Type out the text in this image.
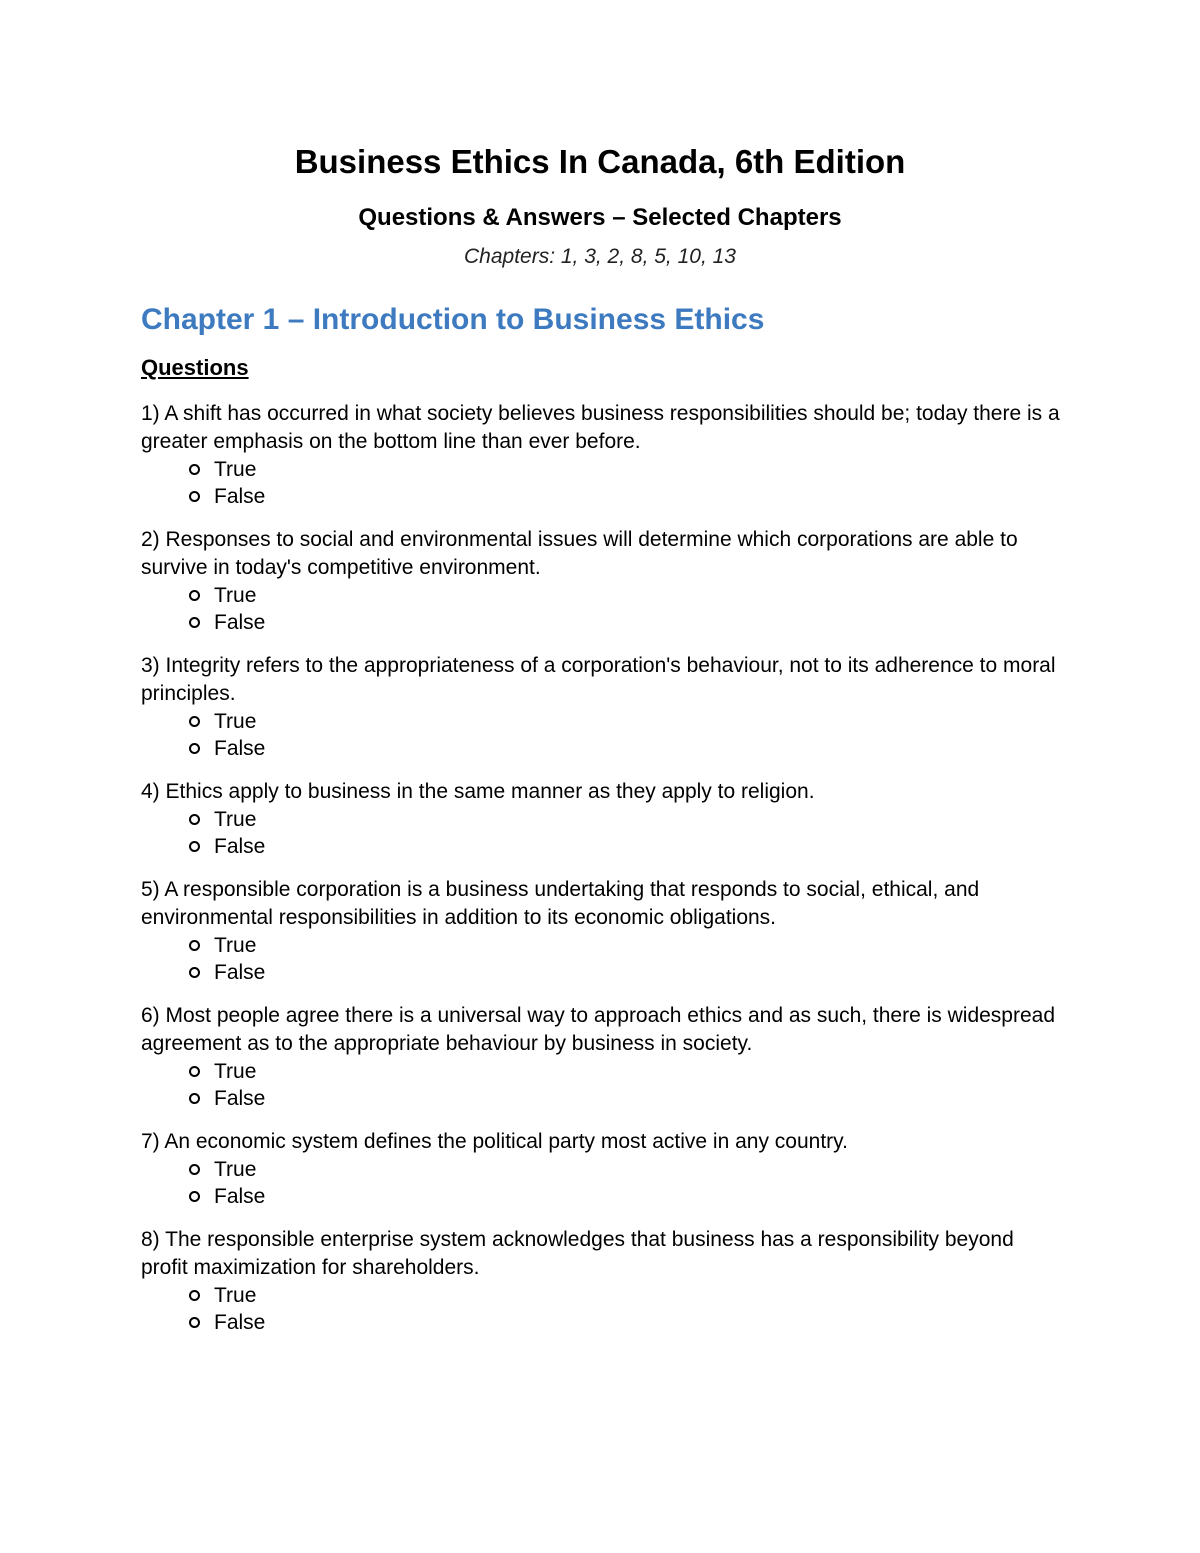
Business Ethics In Canada, 6th Edition
Questions & Answers – Selected Chapters

Chapters: 1, 3, 2, 8, 5, 10, 13

Chapter 1 – Introduction to Business Ethics
Questions

1) A shift has occurred in what society believes business responsibilities should be; today there is a greater emphasis on the bottom line than ever before.

True
False

2) Responses to social and environmental issues will determine which corporations are able to survive in today's competitive environment.

True
False

3) Integrity refers to the appropriateness of a corporation's behaviour, not to its adherence to moral principles.

True
False

4) Ethics apply to business in the same manner as they apply to religion.

True
False

5) A responsible corporation is a business undertaking that responds to social, ethical, and environmental responsibilities in addition to its economic obligations.

True
False

6) Most people agree there is a universal way to approach ethics and as such, there is widespread agreement as to the appropriate behaviour by business in society.

True
False

7) An economic system defines the political party most active in any country.

True
False

8) The responsible enterprise system acknowledges that business has a responsibility beyond profit maximization for shareholders.

True
False
